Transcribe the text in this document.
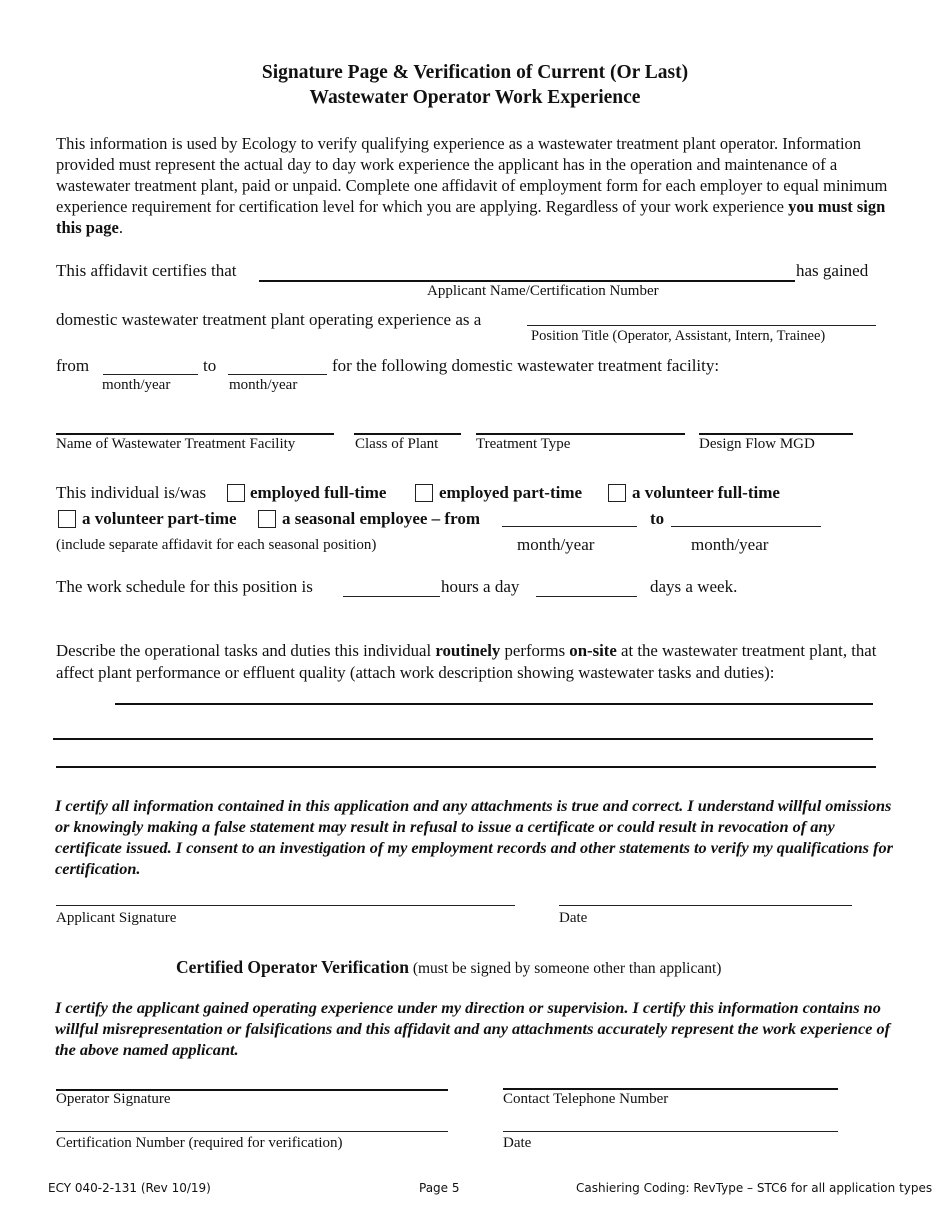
Signature Page & Verification of Current (Or Last)
Wastewater Operator Work Experience
This information is used by Ecology to verify qualifying experience as a wastewater treatment plant operator. Information provided must represent the actual day to day work experience the applicant has in the operation and maintenance of a wastewater treatment plant, paid or unpaid. Complete one affidavit of employment form for each employer to equal minimum experience requirement for certification level for which you are applying. Regardless of your work experience you must sign this page.
This affidavit certifies that	has gained
Applicant Name/Certification Number
domestic wastewater treatment plant operating experience as a
Position Title (Operator, Assistant, Intern, Trainee)
from	to	for the following domestic wastewater treatment facility:
month/year	month/year
Name of Wastewater Treatment Facility	Class of Plant	Treatment Type	Design Flow MGD
This individual is/was	employed full-time	employed part-time	a volunteer full-time
a volunteer part-time	a seasonal employee – from	to
(include separate affidavit for each seasonal position)	month/year	month/year
The work schedule for this position is	hours a day	days a week.
Describe the operational tasks and duties this individual routinely performs on-site at the wastewater treatment plant, that affect plant performance or effluent quality (attach work description showing wastewater tasks and duties):
I certify all information contained in this application and any attachments is true and correct. I understand willful omissions or knowingly making a false statement may result in refusal to issue a certificate or could result in revocation of any certificate issued. I consent to an investigation of my employment records and other statements to verify my qualifications for certification.
Applicant Signature	Date
Certified Operator Verification (must be signed by someone other than applicant)
I certify the applicant gained operating experience under my direction or supervision. I certify this information contains no willful misrepresentation or falsifications and this affidavit and any attachments accurately represent the work experience of the above named applicant.
Operator Signature	Contact Telephone Number
Certification Number (required for verification)	Date
ECY 040-2-131 (Rev 10/19)	Page 5	Cashiering Coding: RevType – STC6 for all application types
